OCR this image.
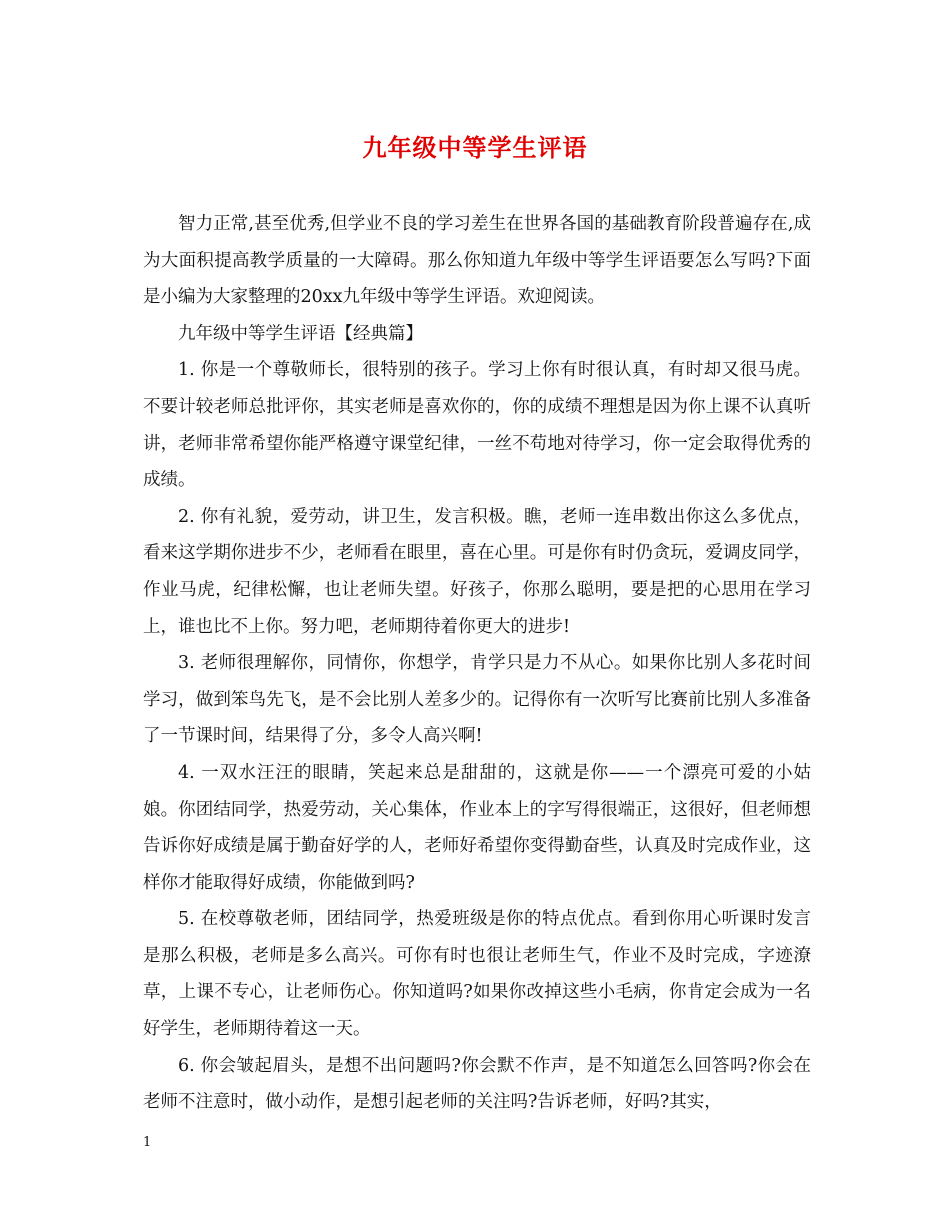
九年级中等学生评语

智力正常,甚至优秀,但学业不良的学习差生在世界各国的基础教育阶段普遍存在,成为大面积提高教学质量的一大障碍。那么你知道九年级中等学生评语要怎么写吗?下面是小编为大家整理的20xx九年级中等学生评语。欢迎阅读。

九年级中等学生评语【经典篇】

1. 你是一个尊敬师长，很特别的孩子。学习上你有时很认真，有时却又很马虎。不要计较老师总批评你，其实老师是喜欢你的，你的成绩不理想是因为你上课不认真听讲，老师非常希望你能严格遵守课堂纪律，一丝不苟地对待学习，你一定会取得优秀的成绩。

2. 你有礼貌，爱劳动，讲卫生，发言积极。瞧，老师一连串数出你这么多优点，看来这学期你进步不少，老师看在眼里，喜在心里。可是你有时仍贪玩，爱调皮同学，作业马虎，纪律松懈，也让老师失望。好孩子，你那么聪明，要是把的心思用在学习上，谁也比不上你。努力吧，老师期待着你更大的进步!

3. 老师很理解你，同情你，你想学，肯学只是力不从心。如果你比别人多花时间学习，做到笨鸟先飞，是不会比别人差多少的。记得你有一次听写比赛前比别人多准备了一节课时间，结果得了分，多令人高兴啊!

4. 一双水汪汪的眼睛，笑起来总是甜甜的，这就是你——一个漂亮可爱的小姑娘。你团结同学，热爱劳动，关心集体，作业本上的字写得很端正，这很好，但老师想告诉你好成绩是属于勤奋好学的人，老师好希望你变得勤奋些，认真及时完成作业，这样你才能取得好成绩，你能做到吗?

5. 在校尊敬老师，团结同学，热爱班级是你的特点优点。看到你用心听课时发言是那么积极，老师是多么高兴。可你有时也很让老师生气，作业不及时完成，字迹潦草，上课不专心，让老师伤心。你知道吗?如果你改掉这些小毛病，你肯定会成为一名好学生，老师期待着这一天。

6. 你会皱起眉头，是想不出问题吗?你会默不作声，是不知道怎么回答吗?你会在老师不注意时，做小动作，是想引起老师的关注吗?告诉老师，好吗?其实，

1
